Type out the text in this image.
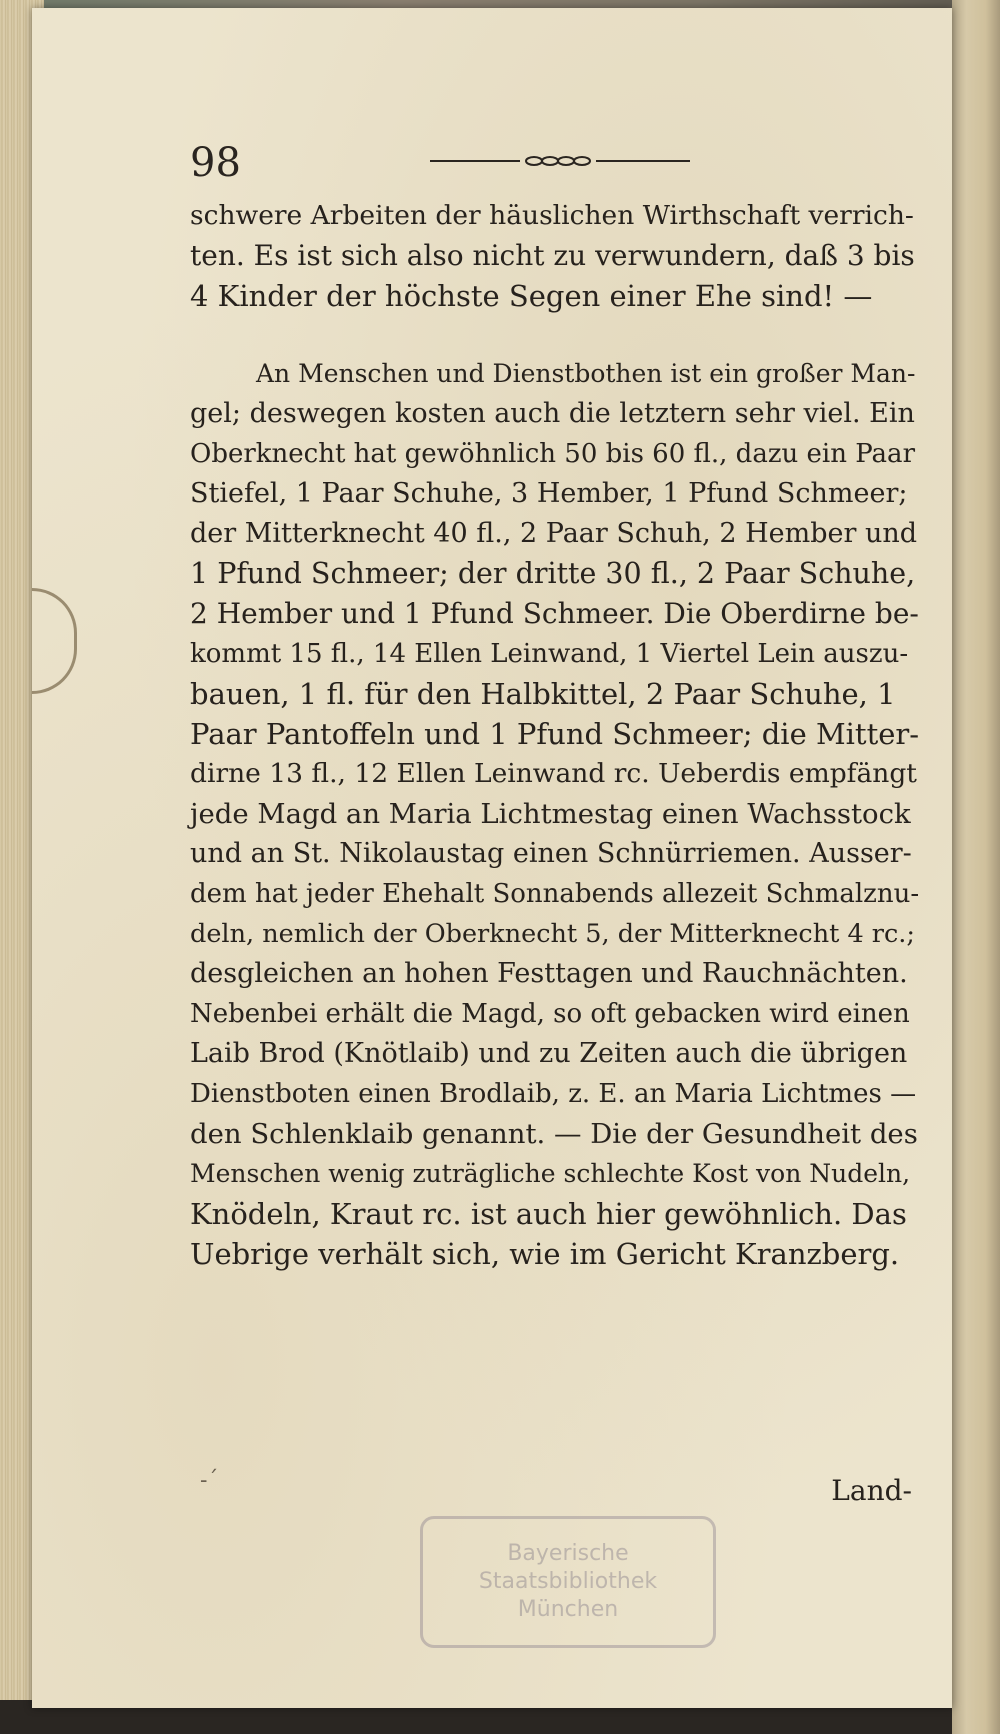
98
schwere Arbeiten der häuslichen Wirthschaft verrich-
ten. Es ist sich also nicht zu verwundern, daß 3 bis
4 Kinder der höchste Segen einer Ehe sind! —
An Menschen und Dienstbothen ist ein großer Man-
gel; deswegen kosten auch die letztern sehr viel. Ein
Oberknecht hat gewöhnlich 50 bis 60 fl., dazu ein Paar
Stiefel, 1 Paar Schuhe, 3 Hember, 1 Pfund Schmeer;
der Mitterknecht 40 fl., 2 Paar Schuh, 2 Hember und
1 Pfund Schmeer; der dritte 30 fl., 2 Paar Schuhe,
2 Hember und 1 Pfund Schmeer. Die Oberdirne be-
kommt 15 fl., 14 Ellen Leinwand, 1 Viertel Lein auszu-
bauen, 1 fl. für den Halbkittel, 2 Paar Schuhe, 1
Paar Pantoffeln und 1 Pfund Schmeer; die Mitter-
dirne 13 fl., 12 Ellen Leinwand rc. Ueberdis empfängt
jede Magd an Maria Lichtmestag einen Wachsstock
und an St. Nikolaustag einen Schnürriemen. Ausser-
dem hat jeder Ehehalt Sonnabends allezeit Schmalznu-
deln, nemlich der Oberknecht 5, der Mitterknecht 4 rc.;
desgleichen an hohen Festtagen und Rauchnächten.
Nebenbei erhält die Magd, so oft gebacken wird einen
Laib Brod (Knötlaib) und zu Zeiten auch die übrigen
Dienstboten einen Brodlaib, z. E. an Maria Lichtmes —
den Schlenklaib genannt. — Die der Gesundheit des
Menschen wenig zuträgliche schlechte Kost von Nudeln,
Knödeln, Kraut rc. ist auch hier gewöhnlich. Das
Uebrige verhält sich, wie im Gericht Kranzberg.
-´	Land-
Bayerische
Staatsbibliothek
München
